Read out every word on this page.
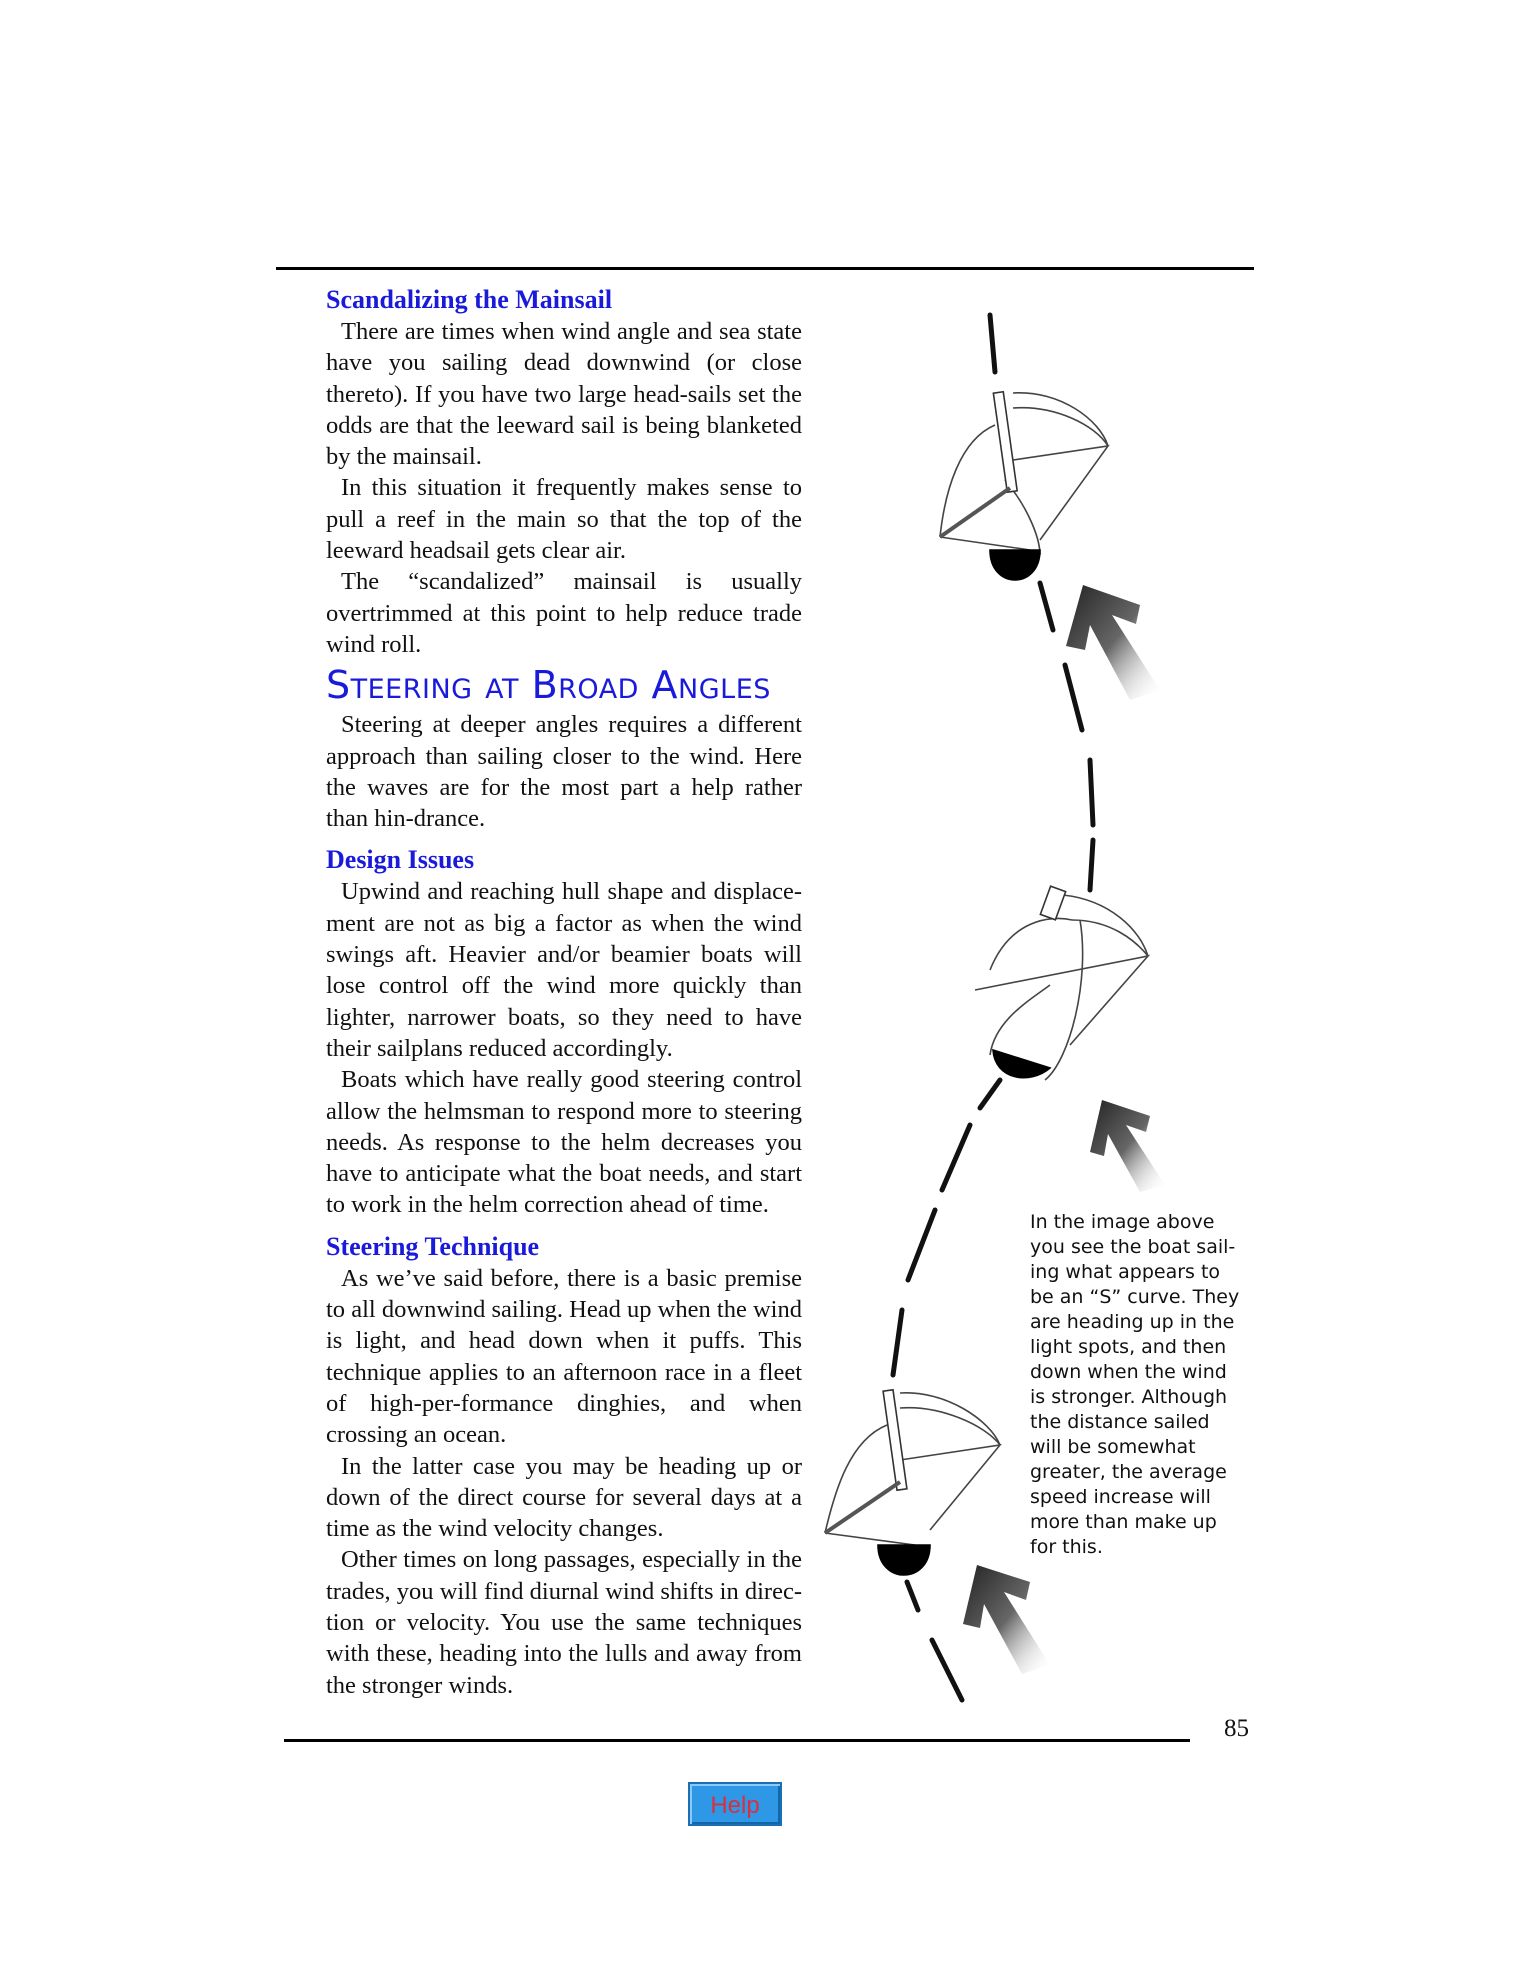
Scandalizing the Mainsail

There are times when wind angle and sea state have you sailing dead downwind (or close thereto). If you have two large head-sails set the odds are that the leeward sail is being blanketed by the mainsail.

In this situation it frequently makes sense to pull a reef in the main so that the top of the leeward headsail gets clear air.

The “scandalized” mainsail is usually overtrimmed at this point to help reduce trade wind roll.

Steering at Broad Angles

Steering at deeper angles requires a different approach than sailing closer to the wind. Here the waves are for the most part a help rather than hin-drance.

Design Issues

Upwind and reaching hull shape and displace-ment are not as big a factor as when the wind swings aft. Heavier and/or beamier boats will lose control off the wind more quickly than lighter, narrower boats, so they need to have their sailplans reduced accordingly.

Boats which have really good steering control allow the helmsman to respond more to steering needs. As response to the helm decreases you have to anticipate what the boat needs, and start to work in the helm correction ahead of time.

Steering Technique

As we’ve said before, there is a basic premise to all downwind sailing. Head up when the wind is light, and head down when it puffs. This technique applies to an afternoon race in a fleet of high-per-formance dinghies, and when crossing an ocean.

In the latter case you may be heading up or down of the direct course for several days at a time as the wind velocity changes.

Other times on long passages, especially in the trades, you will find diurnal wind shifts in direc-tion or velocity. You use the same techniques with these, heading into the lulls and away from the stronger winds.

In the image above
you see the boat sail-
ing what appears to
be an “S” curve. They
are heading up in the
light spots, and then
down when the wind
is stronger. Although
the distance sailed
will be somewhat
greater, the average
speed increase will
more than make up
for this.
85
Help
